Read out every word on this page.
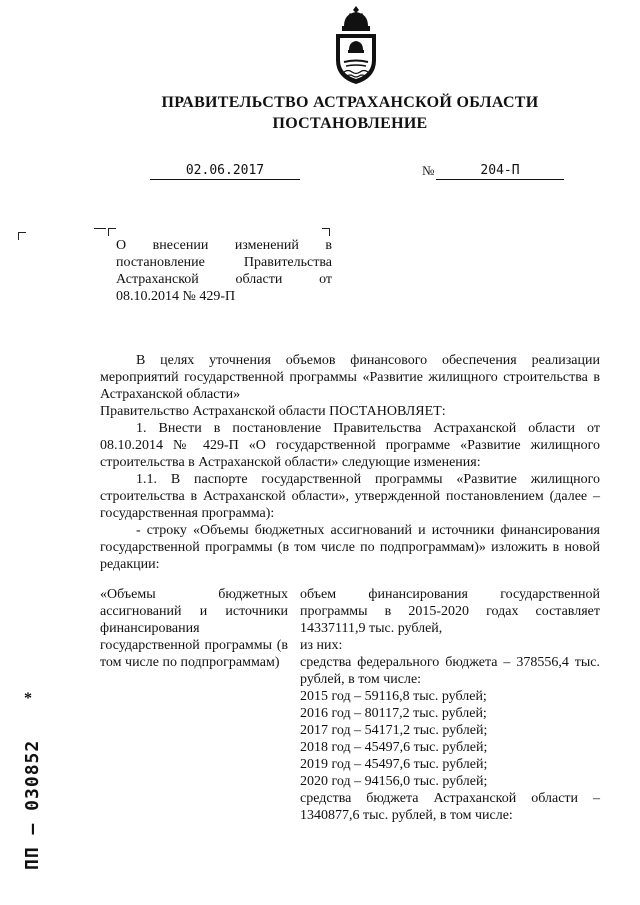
ПРАВИТЕЛЬСТВО АСТРАХАНСКОЙ ОБЛАСТИ
ПОСТАНОВЛЕНИЕ
02.06.2017	№	204-П
О внесении изменений в постановление Правительства Астраханской области от 08.10.2014 № 429-П

В целях уточнения объемов финансового обеспечения реализации мероприятий государственной программы «Развитие жилищного строительства в Астраханской области»

Правительство Астраханской области ПОСТАНОВЛЯЕТ:

1. Внести в постановление Правительства Астраханской области от 08.10.2014 № 429-П «О государственной программе «Развитие жилищного строительства в Астраханской области» следующие изменения:

1.1. В паспорте государственной программы «Развитие жилищного строительства в Астраханской области», утвержденной постановлением (далее – государственная программа):

- строку «Объемы бюджетных ассигнований и источники финансирования государственной программы (в том числе по подпрограммам)» изложить в новой редакции:

«Объемы бюджетных ассигнований и источники финансирования государственной программы (в том числе по подпрограммам)

объем финансирования государственной программы в 2015-2020 годах составляет 14337111,9 тыс. рублей,

из них:

средства федерального бюджета – 378556,4 тыс. рублей, в том числе:

2015 год – 59116,8 тыс. рублей;

2016 год – 80117,2 тыс. рублей;

2017 год – 54171,2 тыс. рублей;

2018 год – 45497,6 тыс. рублей;

2019 год – 45497,6 тыс. рублей;

2020 год – 94156,0 тыс. рублей;

средства бюджета Астраханской области – 1340877,6 тыс. рублей, в том числе:

ПП – 030852
*
